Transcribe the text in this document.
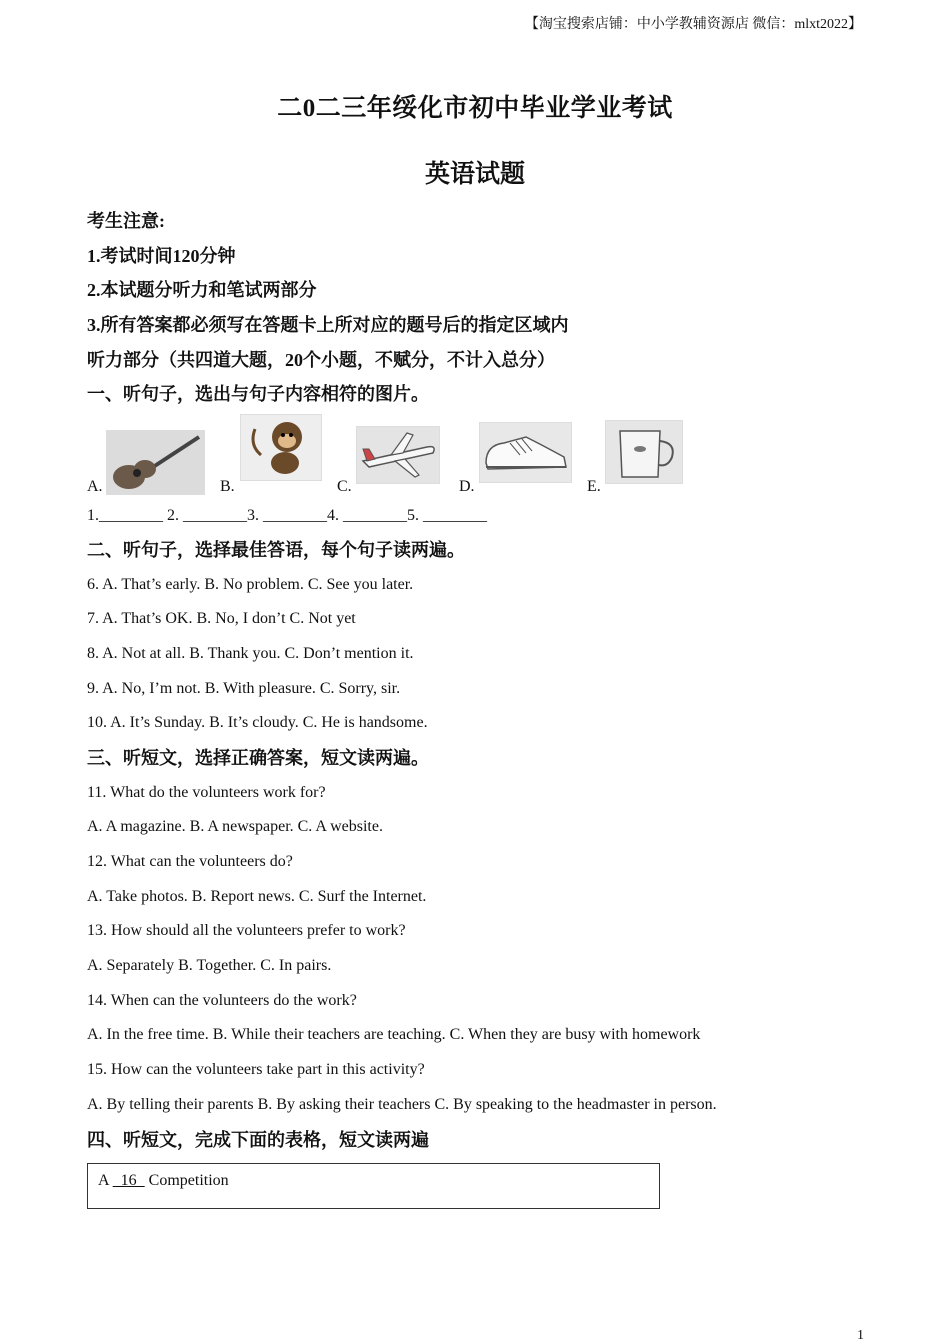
【淘宝搜索店铺：中小学教辅资源店 微信：mlxt2022】
二0二三年绥化市初中毕业学业考试
英语试题
考生注意:
1.考试时间120分钟
2.本试题分听力和笔试两部分
3.所有答案都必须写在答题卡上所对应的题号后的指定区域内
听力部分（共四道大题，20个小题，不赋分，不计入总分）
一、听句子，选出与句子内容相符的图片。
A.	B.	C.	D.	E.
1.________ 2. ________3. ________4. ________5. ________
二、听句子，选择最佳答语，每个句子读两遍。
6. A. That’s early. B. No problem. C. See you later.
7. A. That’s OK. B. No, I don’t C. Not yet
8. A. Not at all. B. Thank you. C. Don’t mention it.
9. A. No, I’m not. B. With pleasure. C. Sorry, sir.
10. A. It’s Sunday. B. It’s cloudy. C. He is handsome.
三、听短文，选择正确答案，短文读两遍。
11. What do the volunteers work for?
A. A magazine. B. A newspaper. C. A website.
12. What can the volunteers do?
A. Take photos. B. Report news. C. Surf the Internet.
13. How should all the volunteers prefer to work?
A. Separately B. Together. C. In pairs.
14. When can the volunteers do the work?
A. In the free time. B. While their teachers are teaching. C. When they are busy with homework
15. How can the volunteers take part in this activity?
A. By telling their parents B. By asking their teachers C. By speaking to the headmaster in person.
四、听短文，完成下面的表格，短文读两遍
A   16   Competition
1
